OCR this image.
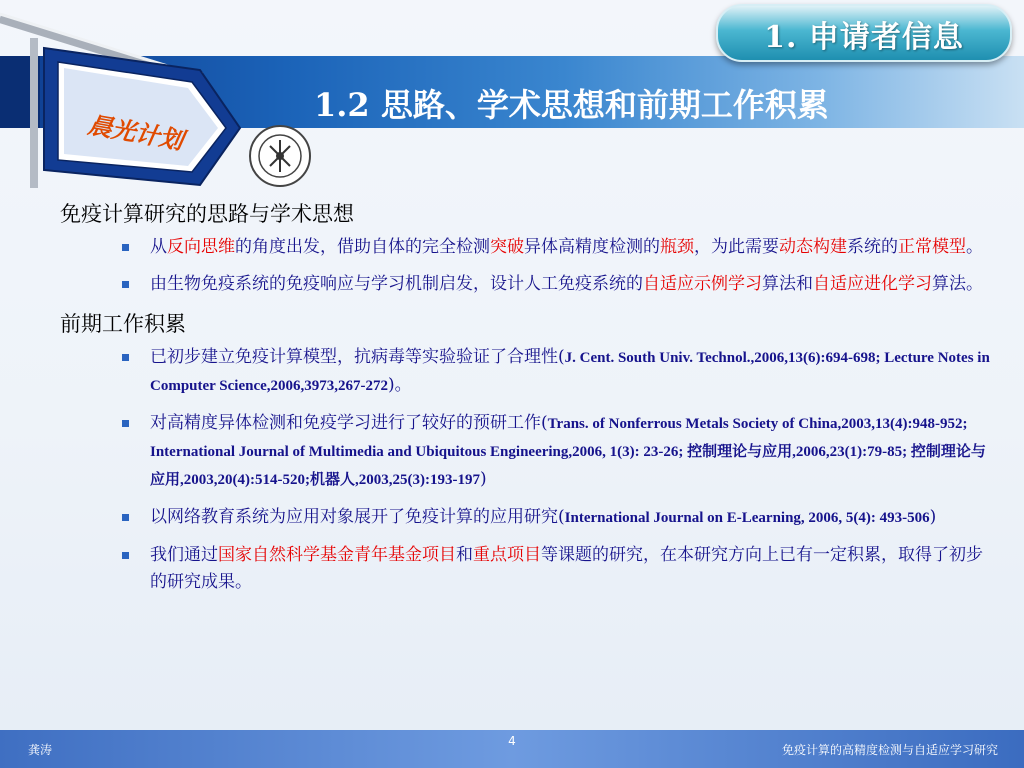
晨光计划
1. 申请者信息
1.2 思路、学术思想和前期工作积累
免疫计算研究的思路与学术思想
从反向思维的角度出发，借助自体的完全检测突破异体高精度检测的瓶颈，为此需要动态构建系统的正常模型。
由生物免疫系统的免疫响应与学习机制启发，设计人工免疫系统的自适应示例学习算法和自适应进化学习算法。
前期工作积累
已初步建立免疫计算模型，抗病毒等实验验证了合理性(J. Cent. South Univ. Technol.,2006,13(6):694-698; Lecture Notes in Computer Science,2006,3973,267-272)。
对高精度异体检测和免疫学习进行了较好的预研工作(Trans. of Nonferrous Metals Society of China,2003,13(4):948-952; International Journal of Multimedia and Ubiquitous Engineering,2006, 1(3): 23-26; 控制理论与应用,2006,23(1):79-85; 控制理论与应用,2003,20(4):514-520;机器人,2003,25(3):193-197)
以网络教育系统为应用对象展开了免疫计算的应用研究(International Journal on E-Learning, 2006, 5(4): 493-506)
我们通过国家自然科学基金青年基金项目和重点项目等课题的研究，在本研究方向上已有一定积累，取得了初步的研究成果。
龚涛
4
免疫计算的高精度检测与自适应学习研究
